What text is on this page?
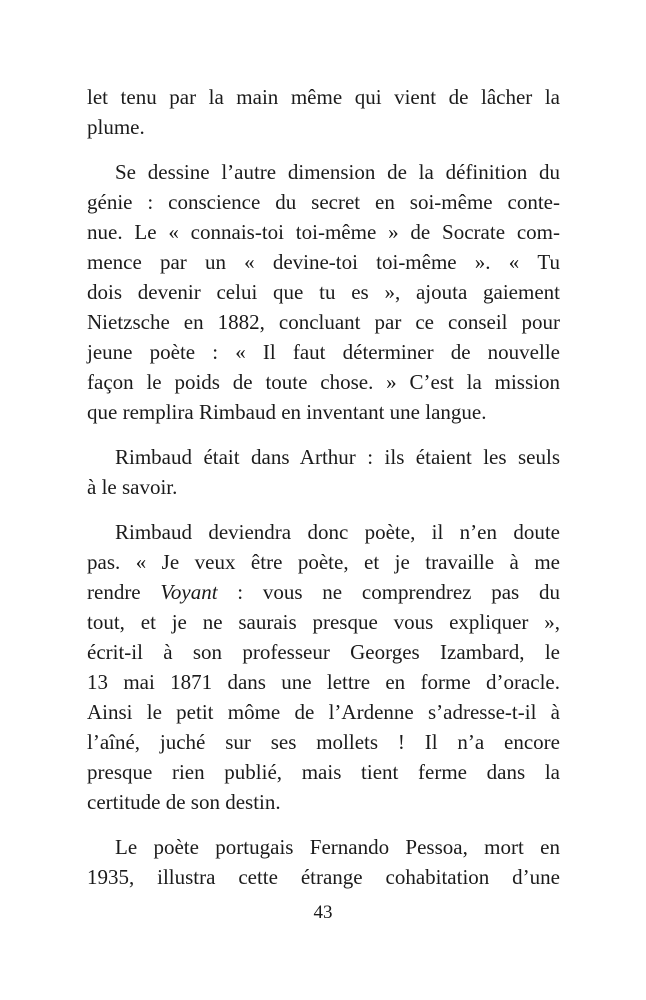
let tenu par la main même qui vient de lâcher la
plume.

Se dessine l’autre dimension de la définition du
génie : conscience du secret en soi-même conte-
nue. Le « connais-toi toi-même » de Socrate com-
mence par un « devine-toi toi-même ». « Tu
dois devenir celui que tu es », ajouta gaiement
Nietzsche en 1882, concluant par ce conseil pour
jeune poète : « Il faut déterminer de nouvelle
façon le poids de toute chose. » C’est la mission
que remplira Rimbaud en inventant une langue.

Rimbaud était dans Arthur : ils étaient les seuls
à le savoir.

Rimbaud deviendra donc poète, il n’en doute
pas. « Je veux être poète, et je travaille à me
rendre Voyant : vous ne comprendrez pas du
tout, et je ne saurais presque vous expliquer »,
écrit-il à son professeur Georges Izambard, le
13 mai 1871 dans une lettre en forme d’oracle.
Ainsi le petit môme de l’Ardenne s’adresse-t-il à
l’aîné, juché sur ses mollets ! Il n’a encore
presque rien publié, mais tient ferme dans la
certitude de son destin.

Le poète portugais Fernando Pessoa, mort en
1935, illustra cette étrange cohabitation d’une

43
